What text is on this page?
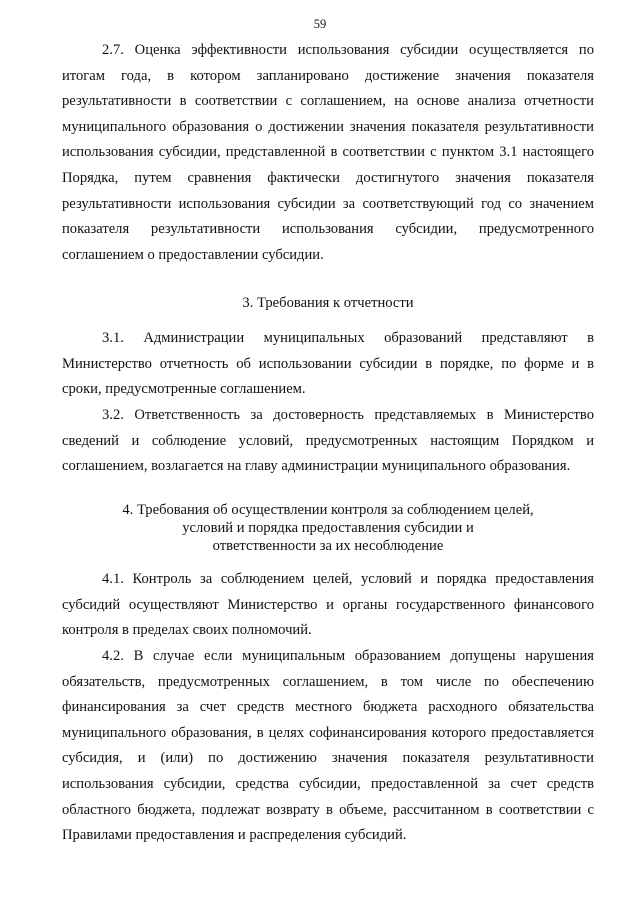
59

2.7. Оценка эффективности использования субсидии осуществляется по итогам года, в котором запланировано достижение значения показателя результативности в соответствии с соглашением, на основе анализа отчетности муниципального образования о достижении значения показателя результативности использования субсидии, представленной в соответствии с пунктом 3.1 настоящего Порядка, путем сравнения фактически достигнутого значения показателя результативности использования субсидии за соответствующий год со значением показателя результативности использования субсидии, предусмотренного соглашением о предоставлении субсидии.

3. Требования к отчетности

3.1. Администрации муниципальных образований представляют в Министерство отчетность об использовании субсидии в порядке, по форме и в сроки, предусмотренные соглашением.

3.2. Ответственность за достоверность представляемых в Министерство сведений и соблюдение условий, предусмотренных настоящим Порядком и соглашением, возлагается на главу администрации муниципального образования.

4. Требования об осуществлении контроля за соблюдением целей,
условий и порядка предоставления субсидии и
ответственности за их несоблюдение

4.1. Контроль за соблюдением целей, условий и порядка предоставления субсидий осуществляют Министерство и органы государственного финансового контроля в пределах своих полномочий.

4.2. В случае если муниципальным образованием допущены нарушения обязательств, предусмотренных соглашением, в том числе по обеспечению финансирования за счет средств местного бюджета расходного обязательства муниципального образования, в целях софинансирования которого предоставляется субсидия, и (или) по достижению значения показателя результативности использования субсидии, средства субсидии, предоставленной за счет средств областного бюджета, подлежат возврату в объеме, рассчитанном в соответствии с Правилами предоставления и распределения субсидий.
